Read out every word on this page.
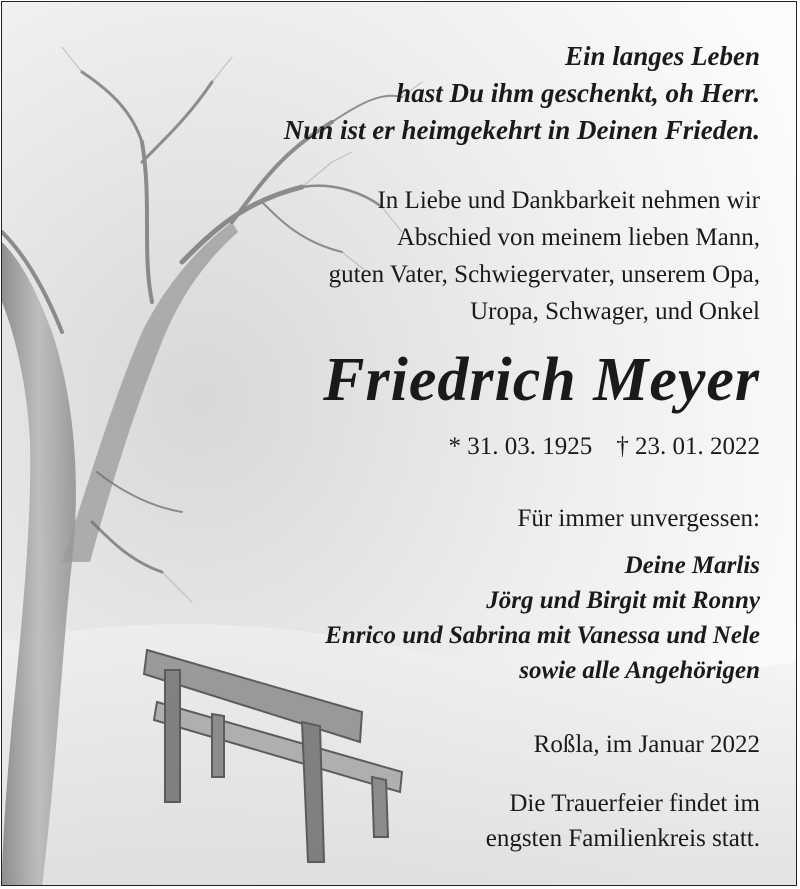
Ein langes Leben
hast Du ihm geschenkt, oh Herr.
Nun ist er heimgekehrt in Deinen Frieden.
In Liebe und Dankbarkeit nehmen wir
Abschied von meinem lieben Mann,
guten Vater, Schwiegervater, unserem Opa,
Uropa, Schwager, und Onkel
Friedrich Meyer
* 31. 03. 1925 † 23. 01. 2022
Für immer unvergessen:
Deine Marlis
Jörg und Birgit mit Ronny
Enrico und Sabrina mit Vanessa und Nele
sowie alle Angehörigen
Roßla, im Januar 2022
Die Trauerfeier findet im
engsten Familienkreis statt.
